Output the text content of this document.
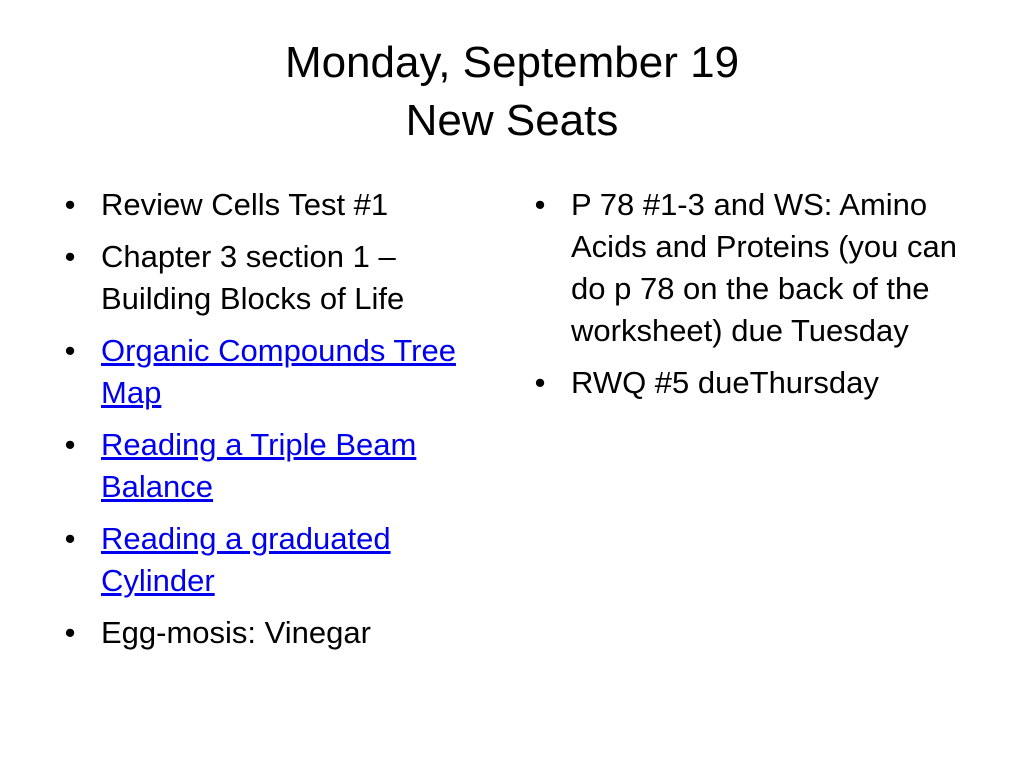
Monday, September 19
New Seats
• Review Cells Test #1
• Chapter 3 section 1 – Building Blocks of Life
• Organic Compounds Tree Map
• Reading a Triple Beam Balance
• Reading a graduated Cylinder
• Egg-mosis: Vinegar
• P 78 #1-3 and WS: Amino Acids and Proteins (you can do p 78 on the back of the worksheet) due Tuesday
• RWQ #5 dueThursday
